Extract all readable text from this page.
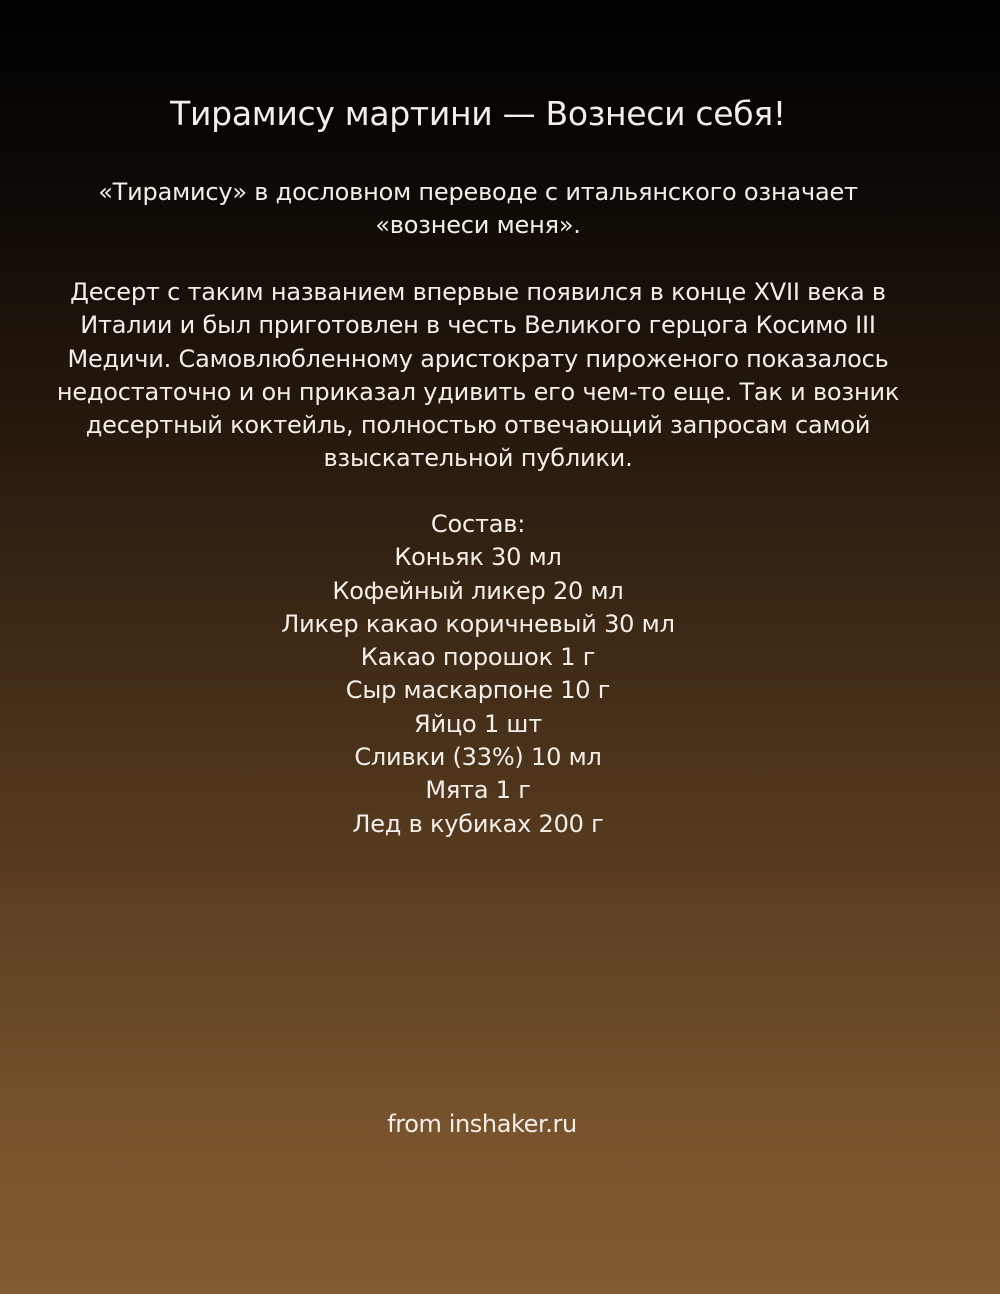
Тирамису мартини — Вознеси себя!

«Тирамису» в дословном переводе с итальянского означает
«вознеси меня».

Десерт с таким названием впервые появился в конце XVII века в
Италии и был приготовлен в честь Великого герцога Косимо III
Медичи. Самовлюбленному аристократу пироженого показалось
недостаточно и он приказал удивить его чем-то еще. Так и возник
десертный коктейль, полностью отвечающий запросам самой
взыскательной публики.

Состав:
Коньяк 30 мл
Кофейный ликер 20 мл
Ликер какао коричневый 30 мл
Какао порошок 1 г
Сыр маскарпоне 10 г
Яйцо 1 шт
Сливки (33%) 10 мл
Мята 1 г
Лед в кубиках 200 г

from inshaker.ru
